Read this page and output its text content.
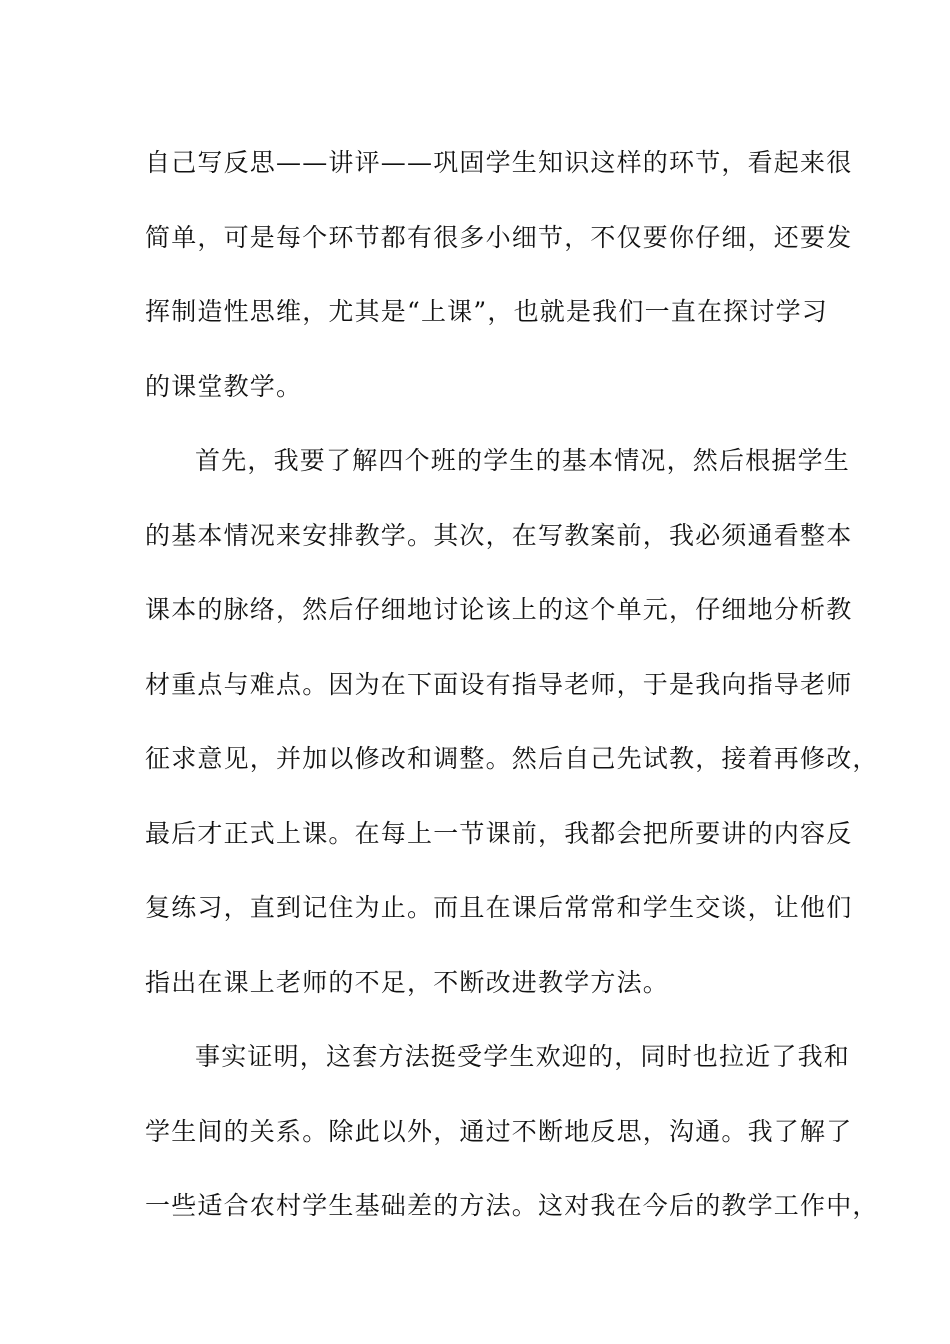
自己写反思——讲评——巩固学生知识这样的环节，看起来很
简单，可是每个环节都有很多小细节，不仅要你仔细，还要发
挥制造性思维，尤其是“上课”，也就是我们一直在探讨学习
的课堂教学。
首先，我要了解四个班的学生的基本情况，然后根据学生
的基本情况来安排教学。其次，在写教案前，我必须通看整本
课本的脉络，然后仔细地讨论该上的这个单元，仔细地分析教
材重点与难点。因为在下面设有指导老师，于是我向指导老师
征求意见，并加以修改和调整。然后自己先试教，接着再修改，
最后才正式上课。在每上一节课前，我都会把所要讲的内容反
复练习，直到记住为止。而且在课后常常和学生交谈，让他们
指出在课上老师的不足，不断改进教学方法。
事实证明，这套方法挺受学生欢迎的，同时也拉近了我和
学生间的关系。除此以外，通过不断地反思，沟通。我了解了
一些适合农村学生基础差的方法。这对我在今后的教学工作中，
